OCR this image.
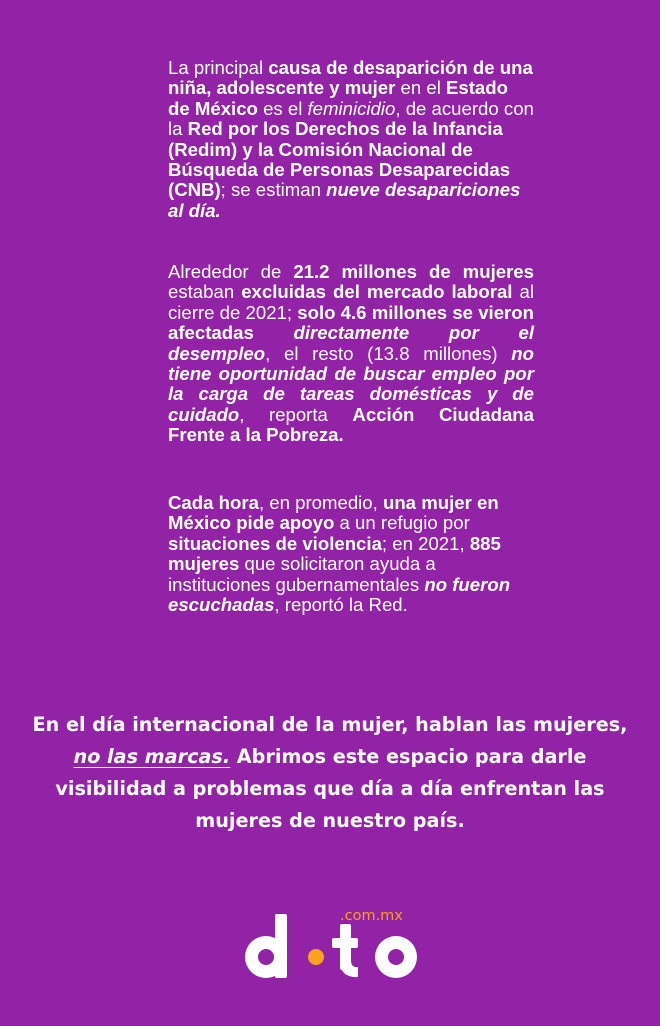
La principal causa de desaparición de una niña, adolescente y mujer en el Estado de México es el feminicidio, de acuerdo con la Red por los Derechos de la Infancia (Redim) y la Comisión Nacional de Búsqueda de Personas Desaparecidas (CNB); se estiman nueve desapariciones al día.

Alrededor de 21.2 millones de mujeres estaban excluidas del mercado laboral al cierre de 2021; solo 4.6 millones se vieron afectadas directamente por el desempleo, el resto (13.8 millones) no tiene oportunidad de buscar empleo por la carga de tareas domésticas y de cuidado, reporta Acción Ciudadana Frente a la Pobreza.

Cada hora, en promedio, una mujer en México pide apoyo a un refugio por situaciones de violencia; en 2021, 885 mujeres que solicitaron ayuda a instituciones gubernamentales no fueron escuchadas, reportó la Red.

En el día internacional de la mujer, hablan las mujeres, no las marcas. Abrimos este espacio para darle visibilidad a problemas que día a día enfrentan las mujeres de nuestro país.

.com.mx
